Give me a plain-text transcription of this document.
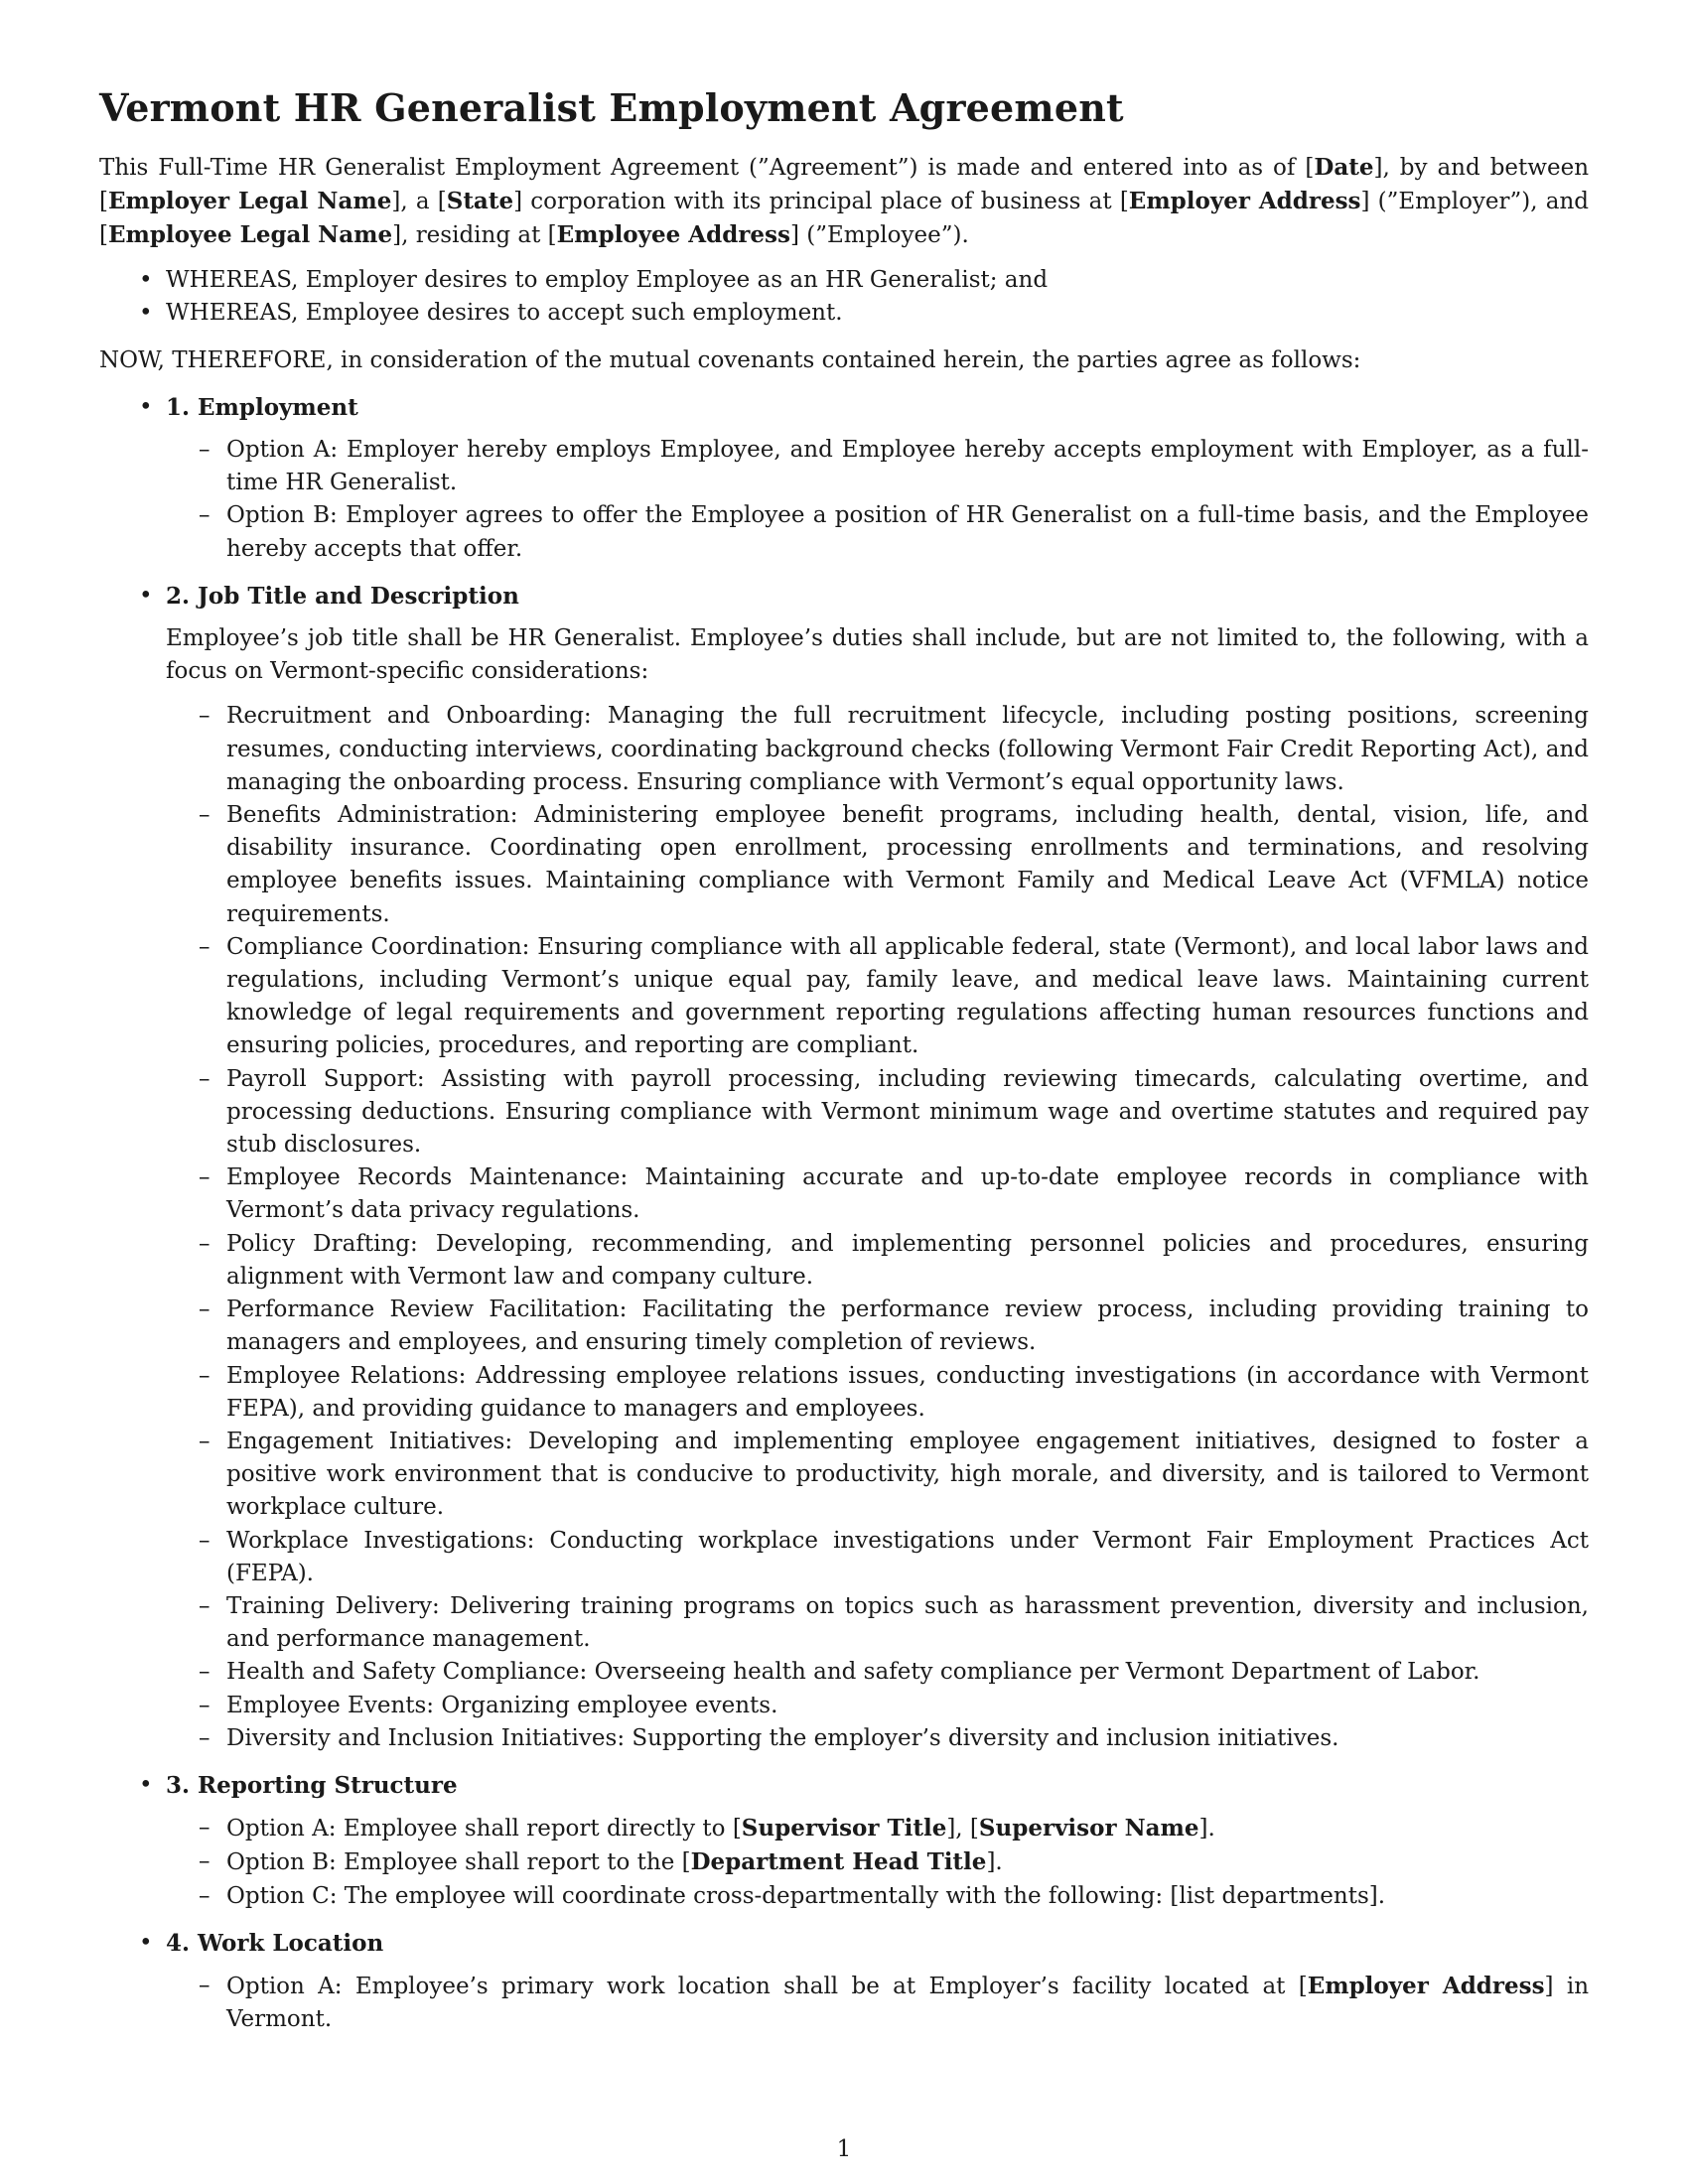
Vermont HR Generalist Employment Agreement

This Full-Time HR Generalist Employment Agreement (”Agreement”) is made and entered into as of [Date], by and between [Employer Legal Name], a [State] corporation with its principal place of business at [Employer Address] (”Employer”), and [Employee Legal Name], residing at [Employee Address] (”Employee”).

• WHEREAS, Employer desires to employ Employee as an HR Generalist; and
• WHEREAS, Employee desires to accept such employment.

NOW, THEREFORE, in consideration of the mutual covenants contained herein, the parties agree as follows:

• 1. Employment
– Option A: Employer hereby employs Employee, and Employee hereby accepts employment with Employer, as a full-time HR Generalist.
– Option B: Employer agrees to offer the Employee a position of HR Generalist on a full-time basis, and the Employee hereby accepts that offer.
• 2. Job Title and Description

Employee’s job title shall be HR Generalist. Employee’s duties shall include, but are not limited to, the following, with a focus on Vermont-specific considerations:

– Recruitment and Onboarding: Managing the full recruitment lifecycle, including posting positions, screening resumes, conducting interviews, coordinating background checks (following Vermont Fair Credit Reporting Act), and managing the onboarding process. Ensuring compliance with Vermont’s equal opportunity laws.
– Benefits Administration: Administering employee benefit programs, including health, dental, vision, life, and disability insurance. Coordinating open enrollment, processing enrollments and terminations, and resolving employee benefits issues. Maintaining compliance with Vermont Family and Medical Leave Act (VFMLA) notice requirements.
– Compliance Coordination: Ensuring compliance with all applicable federal, state (Vermont), and local labor laws and regulations, including Vermont’s unique equal pay, family leave, and medical leave laws. Maintaining current knowledge of legal requirements and government reporting regulations affecting human resources functions and ensuring policies, procedures, and reporting are compliant.
– Payroll Support: Assisting with payroll processing, including reviewing timecards, calculating overtime, and processing deductions. Ensuring compliance with Vermont minimum wage and overtime statutes and required pay stub disclosures.
– Employee Records Maintenance: Maintaining accurate and up-to-date employee records in compliance with Vermont’s data privacy regulations.
– Policy Drafting: Developing, recommending, and implementing personnel policies and procedures, ensuring alignment with Vermont law and company culture.
– Performance Review Facilitation: Facilitating the performance review process, including providing training to managers and employees, and ensuring timely completion of reviews.
– Employee Relations: Addressing employee relations issues, conducting investigations (in accordance with Vermont FEPA), and providing guidance to managers and employees.
– Engagement Initiatives: Developing and implementing employee engagement initiatives, designed to foster a positive work environment that is conducive to productivity, high morale, and diversity, and is tailored to Vermont workplace culture.
– Workplace Investigations: Conducting workplace investigations under Vermont Fair Employment Practices Act (FEPA).
– Training Delivery: Delivering training programs on topics such as harassment prevention, diversity and inclusion, and performance management.
– Health and Safety Compliance: Overseeing health and safety compliance per Vermont Department of Labor.
– Employee Events: Organizing employee events.
– Diversity and Inclusion Initiatives: Supporting the employer’s diversity and inclusion initiatives.
• 3. Reporting Structure
– Option A: Employee shall report directly to [Supervisor Title], [Supervisor Name].
– Option B: Employee shall report to the [Department Head Title].
– Option C: The employee will coordinate cross-departmentally with the following: [list departments].
• 4. Work Location
– Option A: Employee’s primary work location shall be at Employer’s facility located at [Employer Address] in Vermont.
1
